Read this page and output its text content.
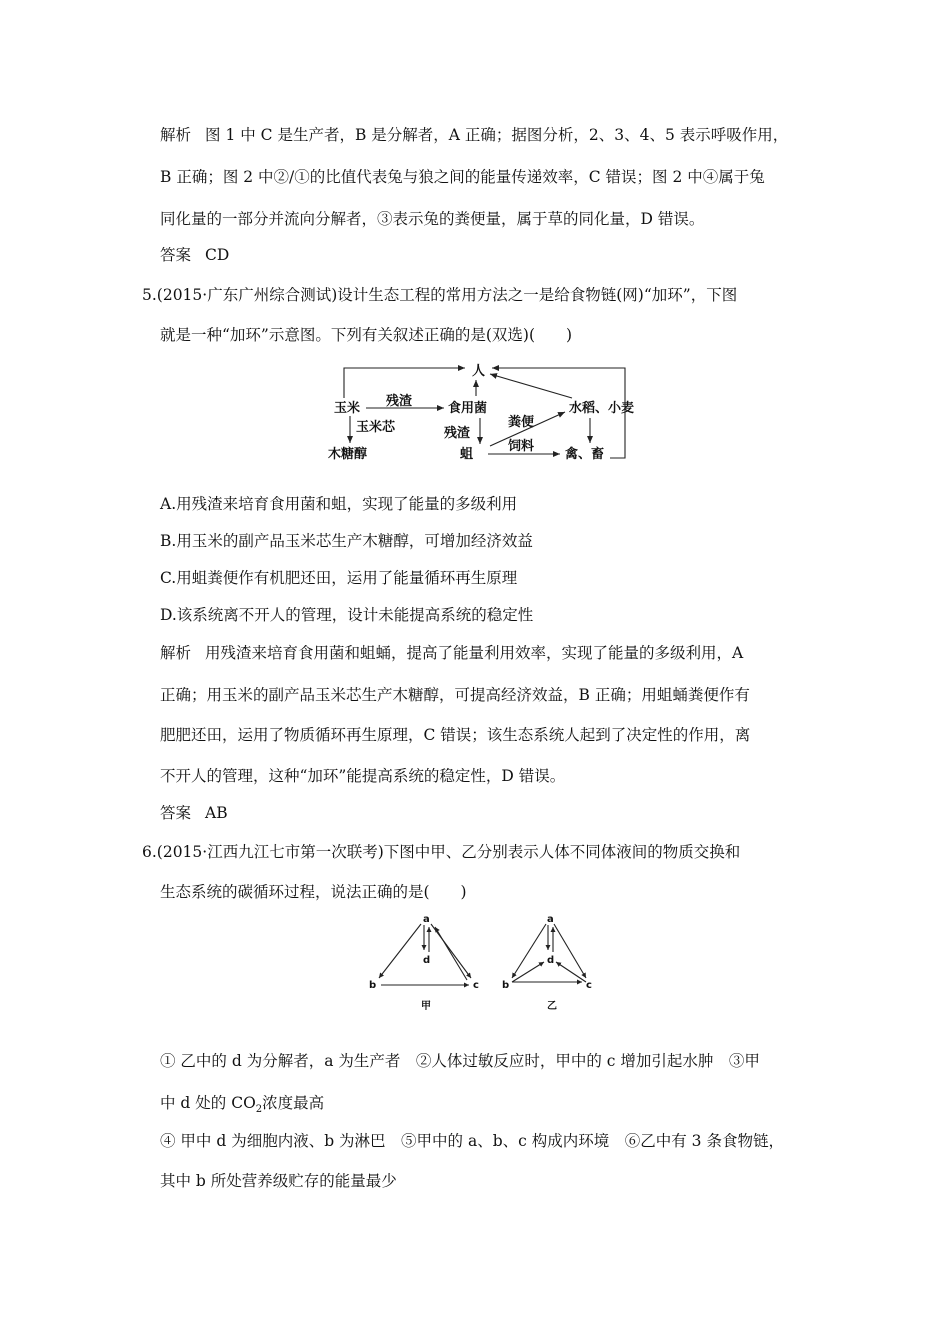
解析 图 1 中 C 是生产者，B 是分解者，A 正确；据图分析，2、3、4、5 表示呼吸作用，
B 正确；图 2 中②/①的比值代表兔与狼之间的能量传递效率，C 错误；图 2 中④属于兔
同化量的一部分并流向分解者，③表示兔的粪便量，属于草的同化量，D 错误。
答案 CD
5.(2015·广东广州综合测试)设计生态工程的常用方法之一是给食物链(网)“加环”，下图
就是一种“加环”示意图。下列有关叙述正确的是(双选)(　　)
人
玉米 残渣	食用菌	水稻、小麦
玉米芯	残渣
粪便
木糖醇	蛆
饲料
禽、畜
A.用残渣来培育食用菌和蛆，实现了能量的多级利用
B.用玉米的副产品玉米芯生产木糖醇，可增加经济效益
C.用蛆粪便作有机肥还田，运用了能量循环再生原理
D.该系统离不开人的管理，设计未能提高系统的稳定性
解析 用残渣来培育食用菌和蛆蛹，提高了能量利用效率，实现了能量的多级利用，A
正确；用玉米的副产品玉米芯生产木糖醇，可提高经济效益，B 正确；用蛆蛹粪便作有
肥肥还田，运用了物质循环再生原理，C 错误；该生态系统人起到了决定性的作用，离
不开人的管理，这种“加环”能提高系统的稳定性，D 错误。
答案 AB
6.(2015·江西九江七市第一次联考)下图中甲、乙分别表示人体不同体液间的物质交换和
生态系统的碳循环过程，说法正确的是(　　)
a
d
b	c
甲
a
d
b	c
乙
① 乙中的 d 为分解者，a 为生产者　②人体过敏反应时，甲中的 c 增加引起水肿　③甲
中 d 处的 $CO_2$浓度最高
④ 甲中 d 为细胞内液、b 为淋巴　⑤甲中的 a、b、c 构成内环境　⑥乙中有 3 条食物链，
其中 b 所处营养级贮存的能量最少
